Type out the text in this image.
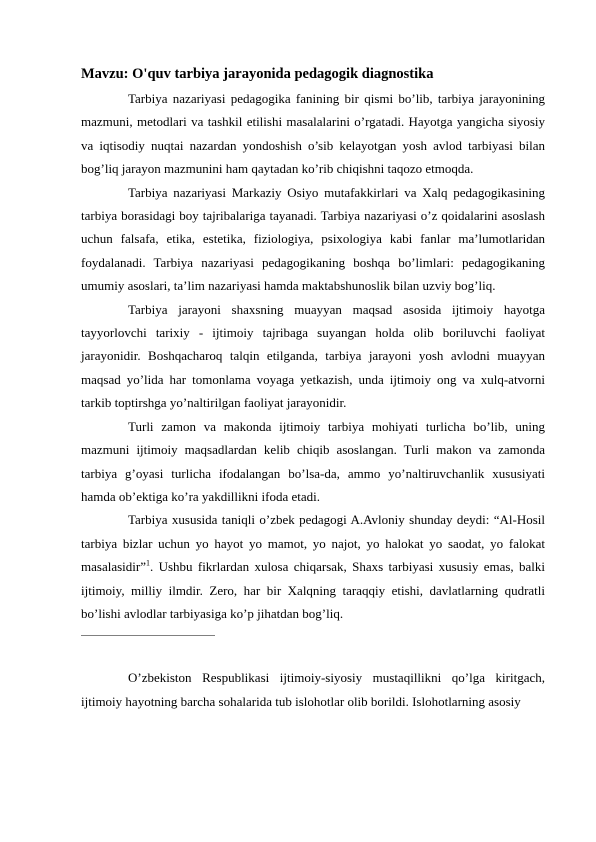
Mavzu: O'quv tarbiya jarayonida pedagogik diagnostika

Tarbiya nazariyasi pedagogika fanining bir qismi bo’lib, tarbiya jarayonining mazmuni, metodlari va tashkil etilishi masalalarini o’rgatadi. Hayotga yangicha siyosiy va iqtisodiy nuqtai nazardan yondoshish o’sib kelayotgan yosh avlod tarbiyasi bilan bog’liq jarayon mazmunini ham qaytadan ko’rib chiqishni taqozo etmoqda.

Tarbiya nazariyasi Markaziy Osiyo mutafakkirlari va Xalq pedagogikasining tarbiya borasidagi boy tajribalariga tayanadi. Tarbiya nazariyasi o’z qoidalarini asoslash uchun falsafa, etika, estetika, fiziologiya, psixologiya kabi fanlar ma’lumotlaridan foydalanadi. Tarbiya nazariyasi pedagogikaning boshqa bo’limlari: pedagogikaning umumiy asoslari, ta’lim nazariyasi hamda maktabshunoslik bilan uzviy bog’liq.

Tarbiya jarayoni shaxsning muayyan maqsad asosida ijtimoiy hayotga tayyorlovchi tarixiy - ijtimoiy tajribaga suyangan holda olib boriluvchi faoliyat jarayonidir. Boshqacharoq talqin etilganda, tarbiya jarayoni yosh avlodni muayyan maqsad yo’lida har tomonlama voyaga yetkazish, unda ijtimoiy ong va xulq-atvorni tarkib toptirshga yo’naltirilgan faoliyat jarayonidir.

Turli zamon va makonda ijtimoiy tarbiya mohiyati turlicha bo’lib, uning mazmuni ijtimoiy maqsadlardan kelib chiqib asoslangan. Turli makon va zamonda tarbiya g’oyasi turlicha ifodalangan bo’lsa-da, ammo yo’naltiruvchanlik xususiyati hamda ob’ektiga ko’ra yakdillikni ifoda etadi.

Tarbiya xususida taniqli o’zbek pedagogi A.Avloniy shunday deydi: “Al-Hosil tarbiya bizlar uchun yo hayot yo mamot, yo najot, yo halokat yo saodat, yo falokat masalasidir”$^1$. Ushbu fikrlardan xulosa chiqarsak, Shaxs tarbiyasi xususiy emas, balki ijtimoiy, milliy ilmdir. Zero, har bir Xalqning taraqqiy etishi, davlatlarning qudratli bo’lishi avlodlar tarbiyasiga ko’p jihatdan bog’liq.

O’zbekiston Respublikasi ijtimoiy-siyosiy mustaqillikni qo’lga kiritgach, ijtimoiy hayotning barcha sohalarida tub islohotlar olib borildi. Islohotlarning asosiy
